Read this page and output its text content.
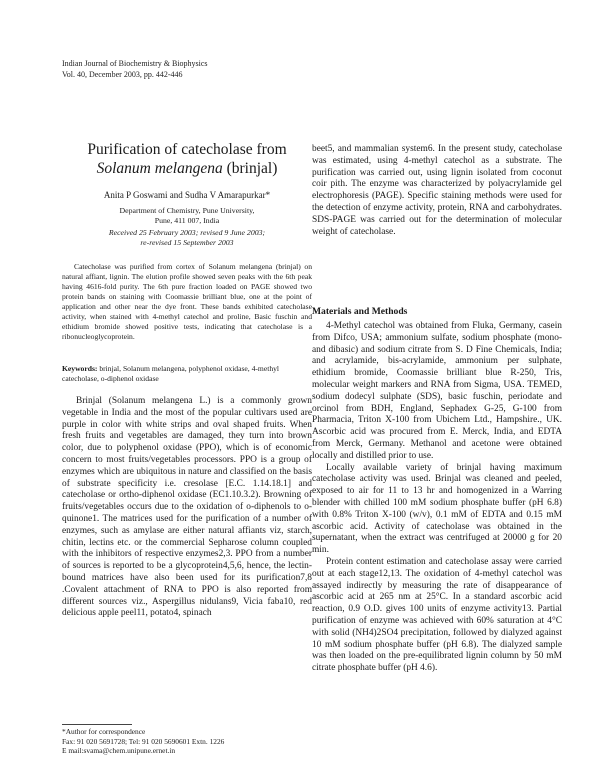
Indian Journal of Biochemistry & Biophysics
Vol. 40, December 2003, pp. 442-446
Purification of catecholase from
Solanum melangena (brinjal)
Anita P Goswami and Sudha V Amarapurkar*
Department of Chemistry, Pune University,
Pune, 411 007, India
Received 25 February 2003; revised 9 June 2003;
re-revised 15 September 2003

Catecholase was purified from cortex of Solanum melangena (brinjal) on natural affiant, lignin. The elution profile showed seven peaks with the 6th peak having 4616-fold purity. The 6th pure fraction loaded on PAGE showed two protein bands on staining with Coomassie brilliant blue, one at the point of application and other near the dye front. These bands exhibited catecholase activity, when stained with 4-methyl catechol and proline, Basic fuschin and ethidium bromide showed positive tests, indicating that catecholase is a ribonucleoglycoprotein.

Keywords: brinjal, Solanum melangena, polyphenol oxidase, 4-methyl catecholase, o-diphenol oxidase

Brinjal (Solanum melangena L.) is a commonly grown vegetable in India and the most of the popular cultivars used are purple in color with white strips and oval shaped fruits. When fresh fruits and vegetables are damaged, they turn into brown color, due to polyphenol oxidase (PPO), which is of economic concern to most fruits/vegetables processors. PPO is a group of enzymes which are ubiquitous in nature and classified on the basis of substrate specificity i.e. cresolase [E.C. 1.14.18.1] and catecholase or ortho-diphenol oxidase (EC1.10.3.2). Browning of fruits/vegetables occurs due to the oxidation of o-diphenols to o-quinone1. The matrices used for the purification of a number of enzymes, such as amylase are either natural affiants viz, starch, chitin, lectins etc. or the commercial Sepharose column coupled with the inhibitors of respective enzymes2,3. PPO from a number of sources is reported to be a glycoprotein4,5,6, hence, the lectin-bound matrices have also been used for its purification7,8 .Covalent attachment of RNA to PPO is also reported from different sources viz., Aspergillus nidulans9, Vicia faba10, red delicious apple peel11, potato4, spinach

beet5, and mammalian system6. In the present study, catecholase was estimated, using 4-methyl catechol as a substrate. The purification was carried out, using lignin isolated from coconut coir pith. The enzyme was characterized by polyacrylamide gel electrophoresis (PAGE). Specific staining methods were used for the detection of enzyme activity, protein, RNA and carbohydrates. SDS-PAGE was carried out for the determination of molecular weight of catecholase.

Materials and Methods

4-Methyl catechol was obtained from Fluka, Germany, casein from Difco, USA; ammonium sulfate, sodium phosphate (mono- and dibasic) and sodium citrate from S. D Fine Chemicals, India; and acrylamide, bis-acrylamide, ammonium per sulphate, ethidium bromide, Coomassie brilliant blue R-250, Tris, molecular weight markers and RNA from Sigma, USA. TEMED, sodium dodecyl sulphate (SDS), basic fuschin, periodate and orcinol from BDH, England, Sephadex G-25, G-100 from Pharmacia, Triton X-100 from Ubichem Ltd., Hampshire., UK. Ascorbic acid was procured from E. Merck, India, and EDTA from Merck, Germany. Methanol and acetone were obtained locally and distilled prior to use.

Locally available variety of brinjal having maximum catecholase activity was used. Brinjal was cleaned and peeled, exposed to air for 11 to 13 hr and homogenized in a Warring blender with chilled 100 mM sodium phosphate buffer (pH 6.8) with 0.8% Triton X-100 (w/v), 0.1 mM of EDTA and 0.15 mM ascorbic acid. Activity of catecholase was obtained in the supernatant, when the extract was centrifuged at 20000 g for 20 min.

Protein content estimation and catecholase assay were carried out at each stage12,13. The oxidation of 4-methyl catechol was assayed indirectly by measuring the rate of disappearance of ascorbic acid at 265 nm at 25°C. In a standard ascorbic acid reaction, 0.9 O.D. gives 100 units of enzyme activity13. Partial purification of enzyme was achieved with 60% saturation at 4°C with solid (NH4)2SO4 precipitation, followed by dialyzed against 10 mM sodium phosphate buffer (pH 6.8). The dialyzed sample was then loaded on the pre-equilibrated lignin column by 50 mM citrate phosphate buffer (pH 4.6).

*Author for correspondence
Fax: 91 020 5691728; Tel: 91 020 5690601 Extn. 1226
E mail:svama@chem.unipune.ernet.in
